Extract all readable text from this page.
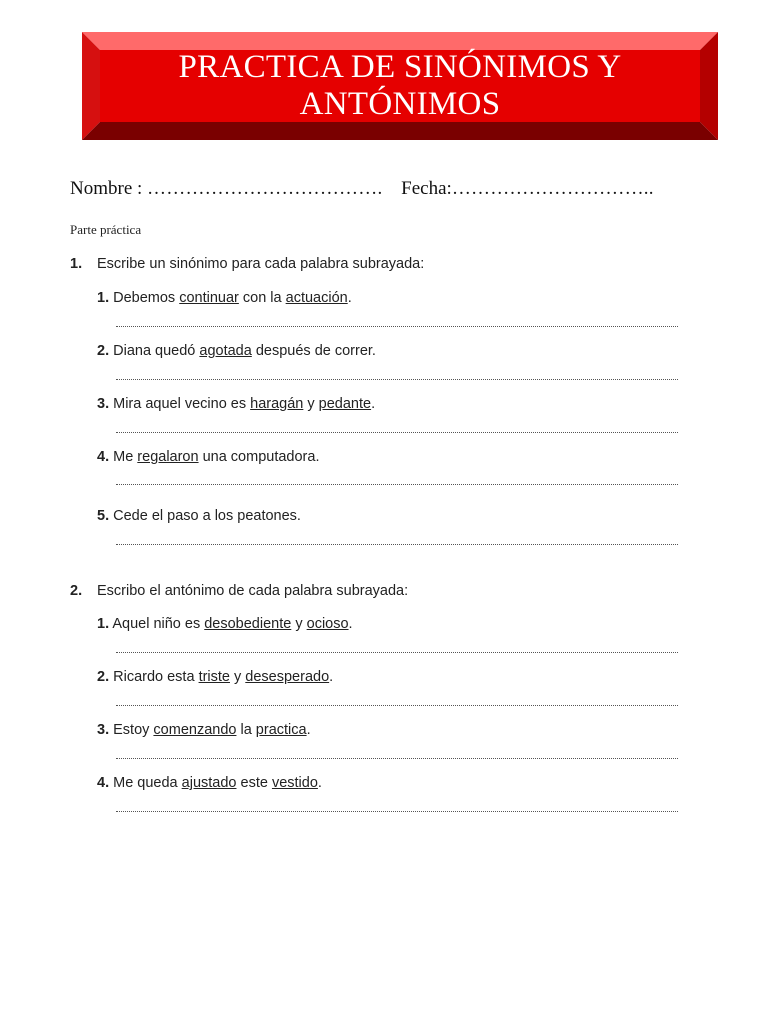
PRACTICA DE SINÓNIMOS Y ANTÓNIMOS
Nombre : ………………………………. Fecha:…………………………..
Parte práctica
1. Escribe un sinónimo para cada palabra subrayada:
1. Debemos continuar con la actuación.
2. Diana quedó agotada después de correr.
3. Mira aquel vecino es haragán y pedante.
4. Me regalaron una computadora.
5. Cede el paso a los peatones.
2. Escribo el antónimo de cada palabra subrayada:
1. Aquel niño es desobediente y ocioso.
2. Ricardo esta triste y desesperado.
3. Estoy comenzando la practica.
4. Me queda ajustado este vestido.
